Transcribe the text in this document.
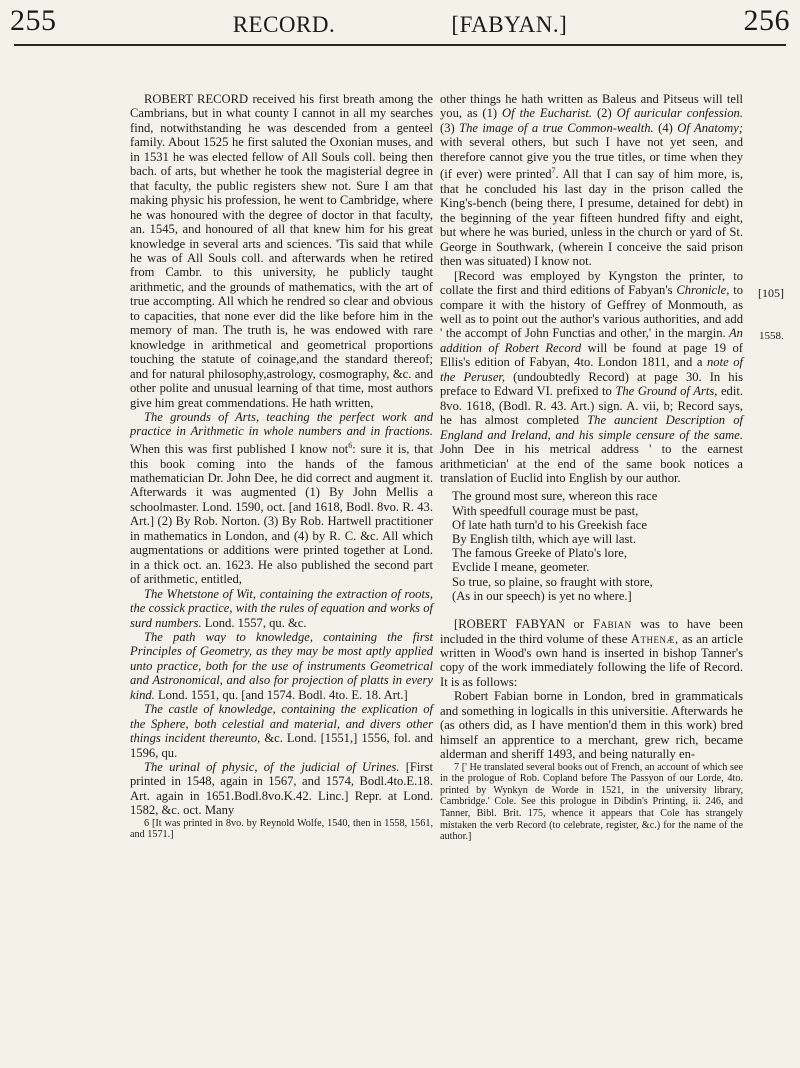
255	RECORD.	[FABYAN.]	256

ROBERT RECORD received his first breath among the Cambrians, but in what county I cannot in all my searches find, notwithstanding he was descended from a genteel family. About 1525 he first saluted the Oxonian muses, and in 1531 he was elected fellow of All Souls coll. being then bach. of arts, but whether he took the magisterial degree in that faculty, the public registers shew not. Sure I am that making physic his profession, he went to Cambridge, where he was honoured with the degree of doctor in that faculty, an. 1545, and honoured of all that knew him for his great knowledge in several arts and sciences. 'Tis said that while he was of All Souls coll. and afterwards when he retired from Cambr. to this university, he publicly taught arithmetic, and the grounds of mathematics, with the art of true accompting. All which he rendred so clear and obvious to capacities, that none ever did the like before him in the memory of man. The truth is, he was endowed with rare knowledge in arithmetical and geometrical proportions touching the statute of coinage,and the standard thereof; and for natural philosophy,astrology, cosmography, &c. and other polite and unusual learning of that time, most authors give him great commendations. He hath written,

The grounds of Arts, teaching the perfect work and practice in Arithmetic in whole numbers and in fractions. When this was first published I know not$^6$: sure it is, that this book coming into the hands of the famous mathematician Dr. John Dee, he did correct and augment it. Afterwards it was augmented (1) By John Mellis a schoolmaster. Lond. 1590, oct. [and 1618, Bodl. 8vo. R. 43. Art.] (2) By Rob. Norton. (3) By Rob. Hartwell practitioner in mathematics in London, and (4) by R. C. &c. All which augmentations or additions were printed together at Lond. in a thick oct. an. 1623. He also published the second part of arithmetic, entitled,

The Whetstone of Wit, containing the extraction of roots, the cossick practice, with the rules of equation and works of surd numbers. Lond. 1557, qu. &c.

The path way to knowledge, containing the first Principles of Geometry, as they may be most aptly applied unto practice, both for the use of instruments Geometrical and Astronomical, and also for projection of platts in every kind. Lond. 1551, qu. [and 1574. Bodl. 4to. E. 18. Art.]

The castle of knowledge, containing the explication of the Sphere, both celestial and material, and divers other things incident thereunto, &c. Lond. [1551,] 1556, fol. and 1596, qu.

The urinal of physic, of the judicial of Urines. [First printed in 1548, again in 1567, and 1574, Bodl.4to.E.18. Art. again in 1651.Bodl.8vo.K.42. Linc.] Repr. at Lond. 1582, &c. oct. Many

6 [It was printed in 8vo. by Reynold Wolfe, 1540, then in 1558, 1561, and 1571.]

other things he hath written as Baleus and Pitseus will tell you, as (1) Of the Eucharist. (2) Of auricular confession. (3) The image of a true Common-wealth. (4) Of Anatomy; with several others, but such I have not yet seen, and therefore cannot give you the true titles, or time when they (if ever) were printed$^7$. All that I can say of him more, is, that he concluded his last day in the prison called the King's-bench (being there, I presume, detained for debt) in the beginning of the year fifteen hundred fifty and eight, but where he was buried, unless in the church or yard of St. George in Southwark, (wherein I conceive the said prison then was situated) I know not.

[Record was employed by Kyngston the printer, to collate the first and third editions of Fabyan's Chronicle, to compare it with the history of Geffrey of Monmouth, as well as to point out the author's various authorities, and add ' the accompt of John Functias and other,' in the margin. An addition of Robert Record will be found at page 19 of Ellis's edition of Fabyan, 4to. London 1811, and a note of the Peruser, (undoubtedly Record) at page 30. In his preface to Edward VI. prefixed to The Ground of Arts, edit. 8vo. 1618, (Bodl. R. 43. Art.) sign. A. vii, b; Record says, he has almost completed The auncient Description of England and Ireland, and his simple censure of the same. John Dee in his metrical address ' to the earnest arithmetician' at the end of the same book notices a translation of Euclid into English by our author.

The ground most sure, whereon this race
With speedfull courage must be past,
Of late hath turn'd to his Greekish face
By English tilth, which aye will last.
The famous Greeke of Plato's lore,
Evclide I meane, geometer.
So true, so plaine, so fraught with store,
(As in our speech) is yet no where.]

[ROBERT FABYAN or Fabian was to have been included in the third volume of these Athenæ, as an article written in Wood's own hand is inserted in bishop Tanner's copy of the work immediately following the life of Record. It is as follows:

Robert Fabian borne in London, bred in grammaticals and something in logicalls in this universitie. Afterwards he (as others did, as I have mention'd them in this work) bred himself an apprentice to a merchant, grew rich, became alderman and sheriff 1493, and being naturally en-

7 [' He translated several books out of French, an account of which see in the prologue of Rob. Copland before The Passyon of our Lorde, 4to. printed by Wynkyn de Worde in 1521, in the university library, Cambridge.' Cole. See this prologue in Dibdin's Printing, ii. 246, and Tanner, Bibl. Brit. 175, whence it appears that Cole has strangely mistaken the verb Record (to celebrate, register, &c.) for the name of the author.]

[105]
1558.
